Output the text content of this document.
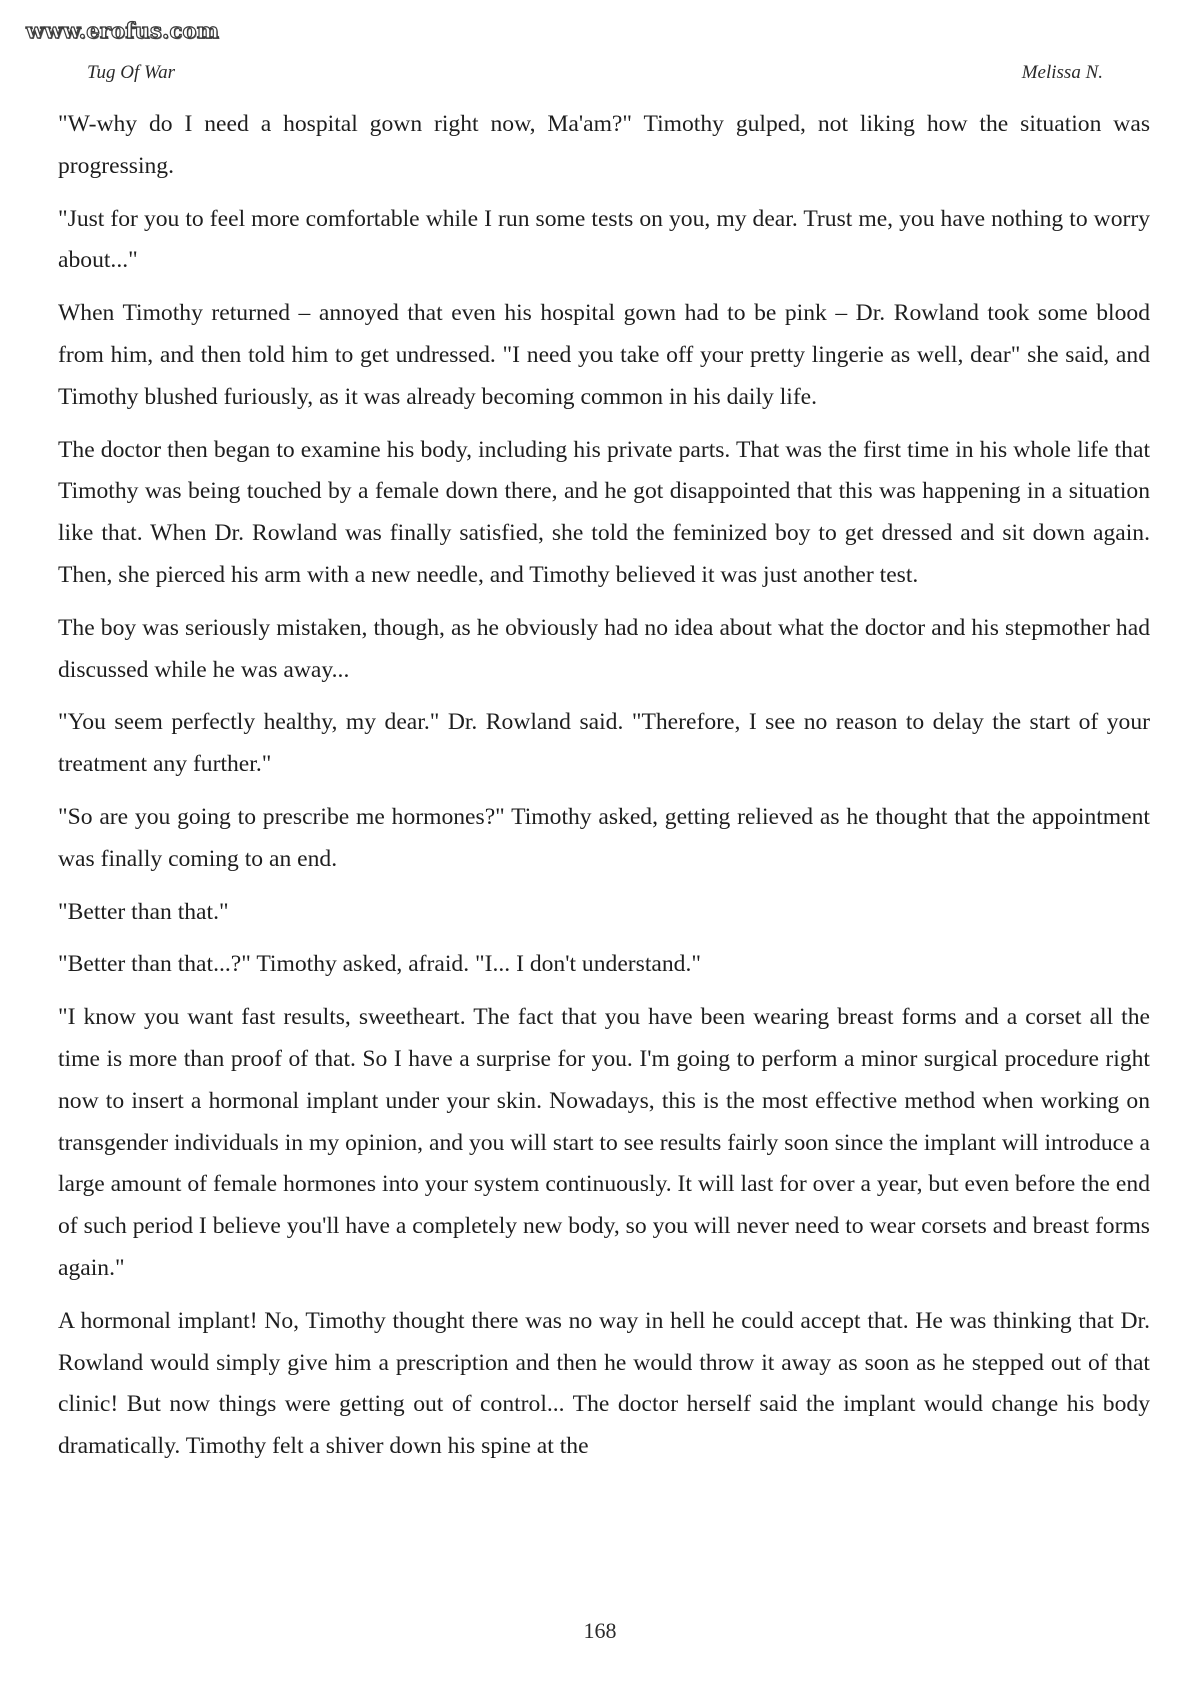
www.erofus.com
Tug Of War	Melissa N.

"W-why do I need a hospital gown right now, Ma'am?" Timothy gulped, not liking how the situation was progressing.

"Just for you to feel more comfortable while I run some tests on you, my dear. Trust me, you have nothing to worry about..."

When Timothy returned – annoyed that even his hospital gown had to be pink – Dr. Rowland took some blood from him, and then told him to get undressed. "I need you take off your pretty lingerie as well, dear" she said, and Timothy blushed furiously, as it was already becoming common in his daily life.

The doctor then began to examine his body, including his private parts. That was the first time in his whole life that Timothy was being touched by a female down there, and he got disappointed that this was happening in a situation like that. When Dr. Rowland was finally satisfied, she told the feminized boy to get dressed and sit down again. Then, she pierced his arm with a new needle, and Timothy believed it was just another test.

The boy was seriously mistaken, though, as he obviously had no idea about what the doctor and his stepmother had discussed while he was away...

"You seem perfectly healthy, my dear." Dr. Rowland said. "Therefore, I see no reason to delay the start of your treatment any further."

"So are you going to prescribe me hormones?" Timothy asked, getting relieved as he thought that the appointment was finally coming to an end.

"Better than that."

"Better than that...?" Timothy asked, afraid. "I... I don't understand."

"I know you want fast results, sweetheart. The fact that you have been wearing breast forms and a corset all the time is more than proof of that. So I have a surprise for you. I'm going to perform a minor surgical procedure right now to insert a hormonal implant under your skin. Nowadays, this is the most effective method when working on transgender individuals in my opinion, and you will start to see results fairly soon since the implant will introduce a large amount of female hormones into your system continuously. It will last for over a year, but even before the end of such period I believe you'll have a completely new body, so you will never need to wear corsets and breast forms again."

A hormonal implant! No, Timothy thought there was no way in hell he could accept that. He was thinking that Dr. Rowland would simply give him a prescription and then he would throw it away as soon as he stepped out of that clinic! But now things were getting out of control... The doctor herself said the implant would change his body dramatically. Timothy felt a shiver down his spine at the

168
